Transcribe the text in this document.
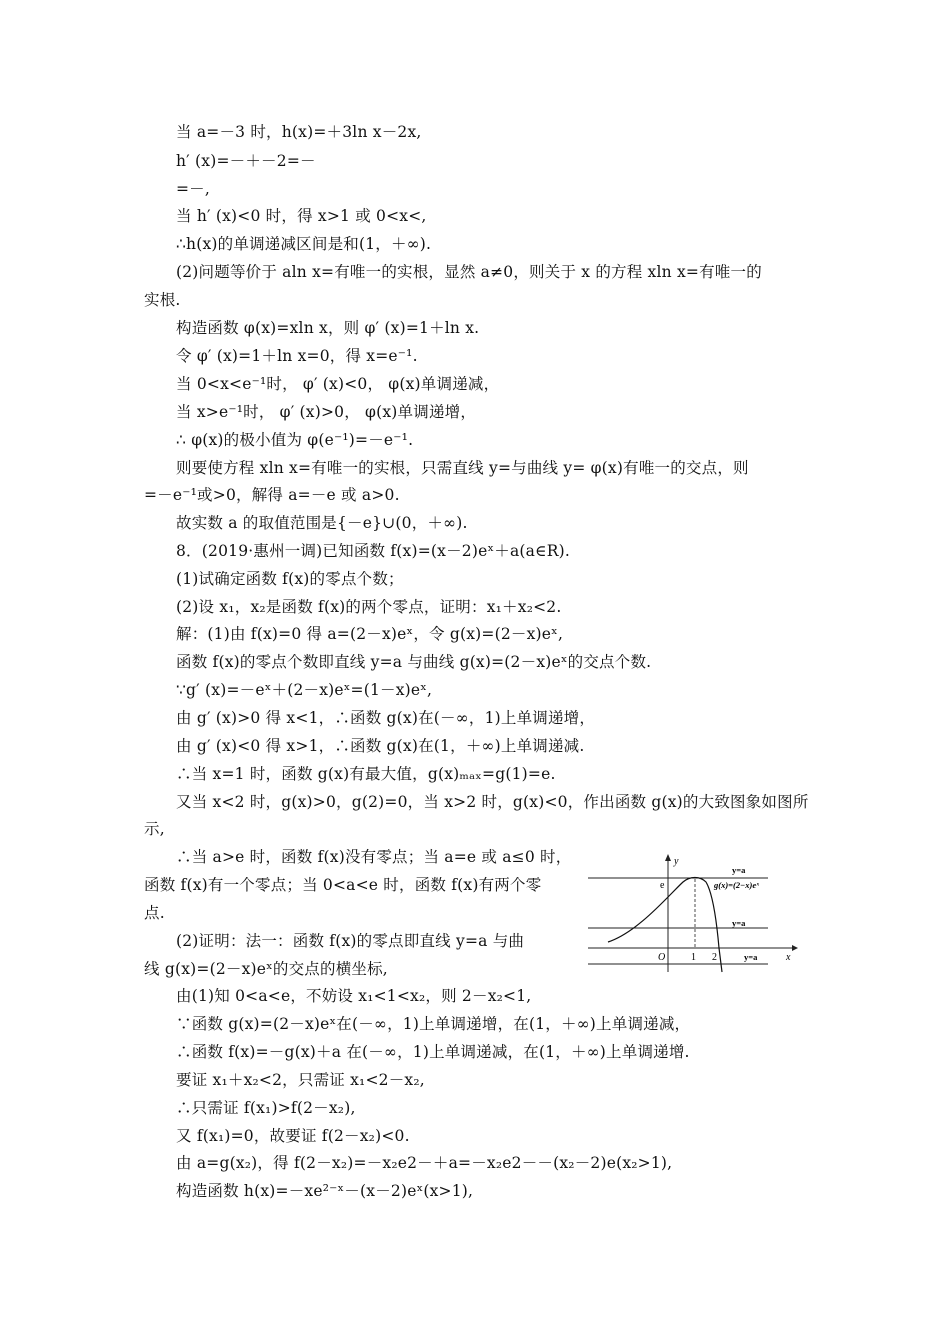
当 a=－3 时，h(x)=＋3ln x－2x,
h′ (x)=－＋－2=－
=－,
当 h′ (x)<0 时，得 x>1 或 0<x<,
∴h(x)的单调递减区间是和(1，＋∞).
(2)问题等价于 aln x=有唯一的实根，显然 a≠0，则关于 x 的方程 xln x=有唯一的
实根.
构造函数 φ(x)=xln x，则 φ′ (x)=1＋ln x.
令 φ′ (x)=1＋ln x=0，得 x=e⁻¹.
当 0<x<e⁻¹时， φ′ (x)<0， φ(x)单调递减，
当 x>e⁻¹时， φ′ (x)>0， φ(x)单调递增，
∴ φ(x)的极小值为 φ(e⁻¹)=－e⁻¹.
则要使方程 xln x=有唯一的实根，只需直线 y=与曲线 y= φ(x)有唯一的交点，则
=－e⁻¹或>0，解得 a=－e 或 a>0.
故实数 a 的取值范围是{－e}∪(0，＋∞).
8．(2019·惠州一调)已知函数 f(x)=(x－2)eˣ＋a(a∈R).
(1)试确定函数 f(x)的零点个数；
(2)设 x₁，x₂是函数 f(x)的两个零点，证明：x₁＋x₂<2.
解：(1)由 f(x)=0 得 a=(2－x)eˣ，令 g(x)=(2－x)eˣ,
函数 f(x)的零点个数即直线 y=a 与曲线 g(x)=(2－x)eˣ的交点个数.
∵g′ (x)=－eˣ＋(2－x)eˣ=(1－x)eˣ,
由 g′ (x)>0 得 x<1，∴函数 g(x)在(－∞，1)上单调递增，
由 g′ (x)<0 得 x>1，∴函数 g(x)在(1，＋∞)上单调递减.
∴当 x=1 时，函数 g(x)有最大值，g(x)ₘₐₓ=g(1)=e.
又当 x<2 时，g(x)>0，g(2)=0，当 x>2 时，g(x)<0，作出函数 g(x)的大致图象如图所
示,
∴当 a>e 时，函数 f(x)没有零点；当 a=e 或 a≤0 时，
函数 f(x)有一个零点；当 0<a<e 时，函数 f(x)有两个零
点.
(2)证明：法一：函数 f(x)的零点即直线 y=a 与曲
线 g(x)=(2－x)eˣ的交点的横坐标,
由(1)知 0<a<e，不妨设 x₁<1<x₂，则 2－x₂<1,
∵函数 g(x)=(2－x)eˣ在(－∞，1)上单调递增，在(1，＋∞)上单调递减，
∴函数 f(x)=－g(x)＋a 在(－∞，1)上单调递减，在(1，＋∞)上单调递增.
要证 x₁＋x₂<2，只需证 x₁<2－x₂,
∴只需证 f(x₁)>f(2－x₂),
又 f(x₁)=0，故要证 f(2－x₂)<0.
由 a=g(x₂)，得 f(2－x₂)=－x₂e2－＋a=－x₂e2－－(x₂－2)e(x₂>1),
构造函数 h(x)=－xe²⁻ˣ－(x－2)eˣ(x>1),
y
x
O	1 2
e
y=a
y=a
y=a
g(x)=(2−x)eˣ
